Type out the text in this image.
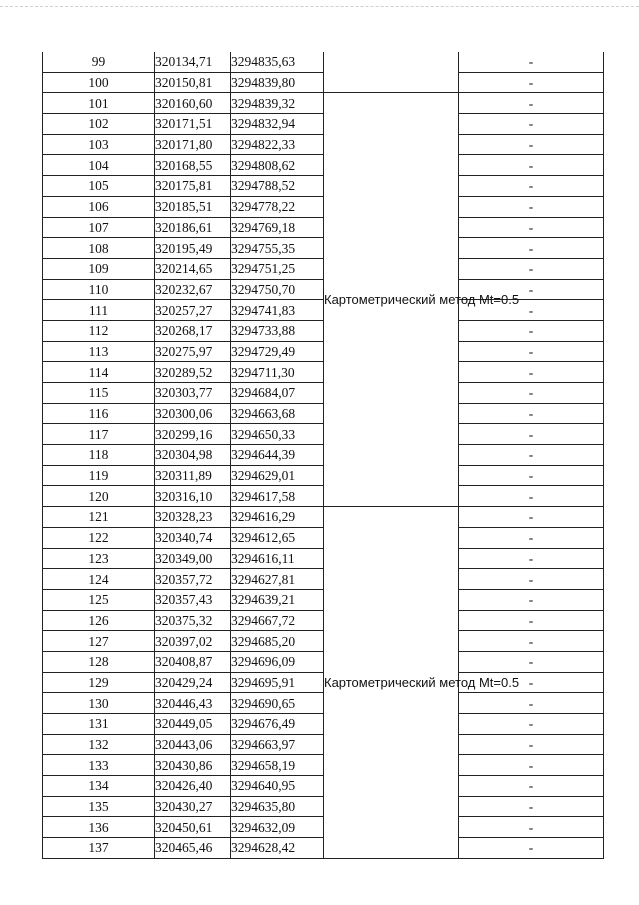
99	320134,71	3294835,63		-
100	320150,81	3294839,80		-
101	320160,60	3294839,32	Картометрический метод Mt=0.5	-
102	320171,51	3294832,94		-
103	320171,80	3294822,33		-
104	320168,55	3294808,62		-
105	320175,81	3294788,52		-
106	320185,51	3294778,22		-
107	320186,61	3294769,18		-
108	320195,49	3294755,35		-
109	320214,65	3294751,25		-
110	320232,67	3294750,70		-
111	320257,27	3294741,83		-
112	320268,17	3294733,88		-
113	320275,97	3294729,49		-
114	320289,52	3294711,30		-
115	320303,77	3294684,07		-
116	320300,06	3294663,68		-
117	320299,16	3294650,33		-
118	320304,98	3294644,39		-
119	320311,89	3294629,01		-
120	320316,10	3294617,58		-
121	320328,23	3294616,29	Картометрический метод Mt=0.5	-
122	320340,74	3294612,65		-
123	320349,00	3294616,11		-
124	320357,72	3294627,81		-
125	320357,43	3294639,21		-
126	320375,32	3294667,72		-
127	320397,02	3294685,20		-
128	320408,87	3294696,09		-
129	320429,24	3294695,91		-
130	320446,43	3294690,65		-
131	320449,05	3294676,49		-
132	320443,06	3294663,97		-
133	320430,86	3294658,19		-
134	320426,40	3294640,95		-
135	320430,27	3294635,80		-
136	320450,61	3294632,09		-
137	320465,46	3294628,42		-
